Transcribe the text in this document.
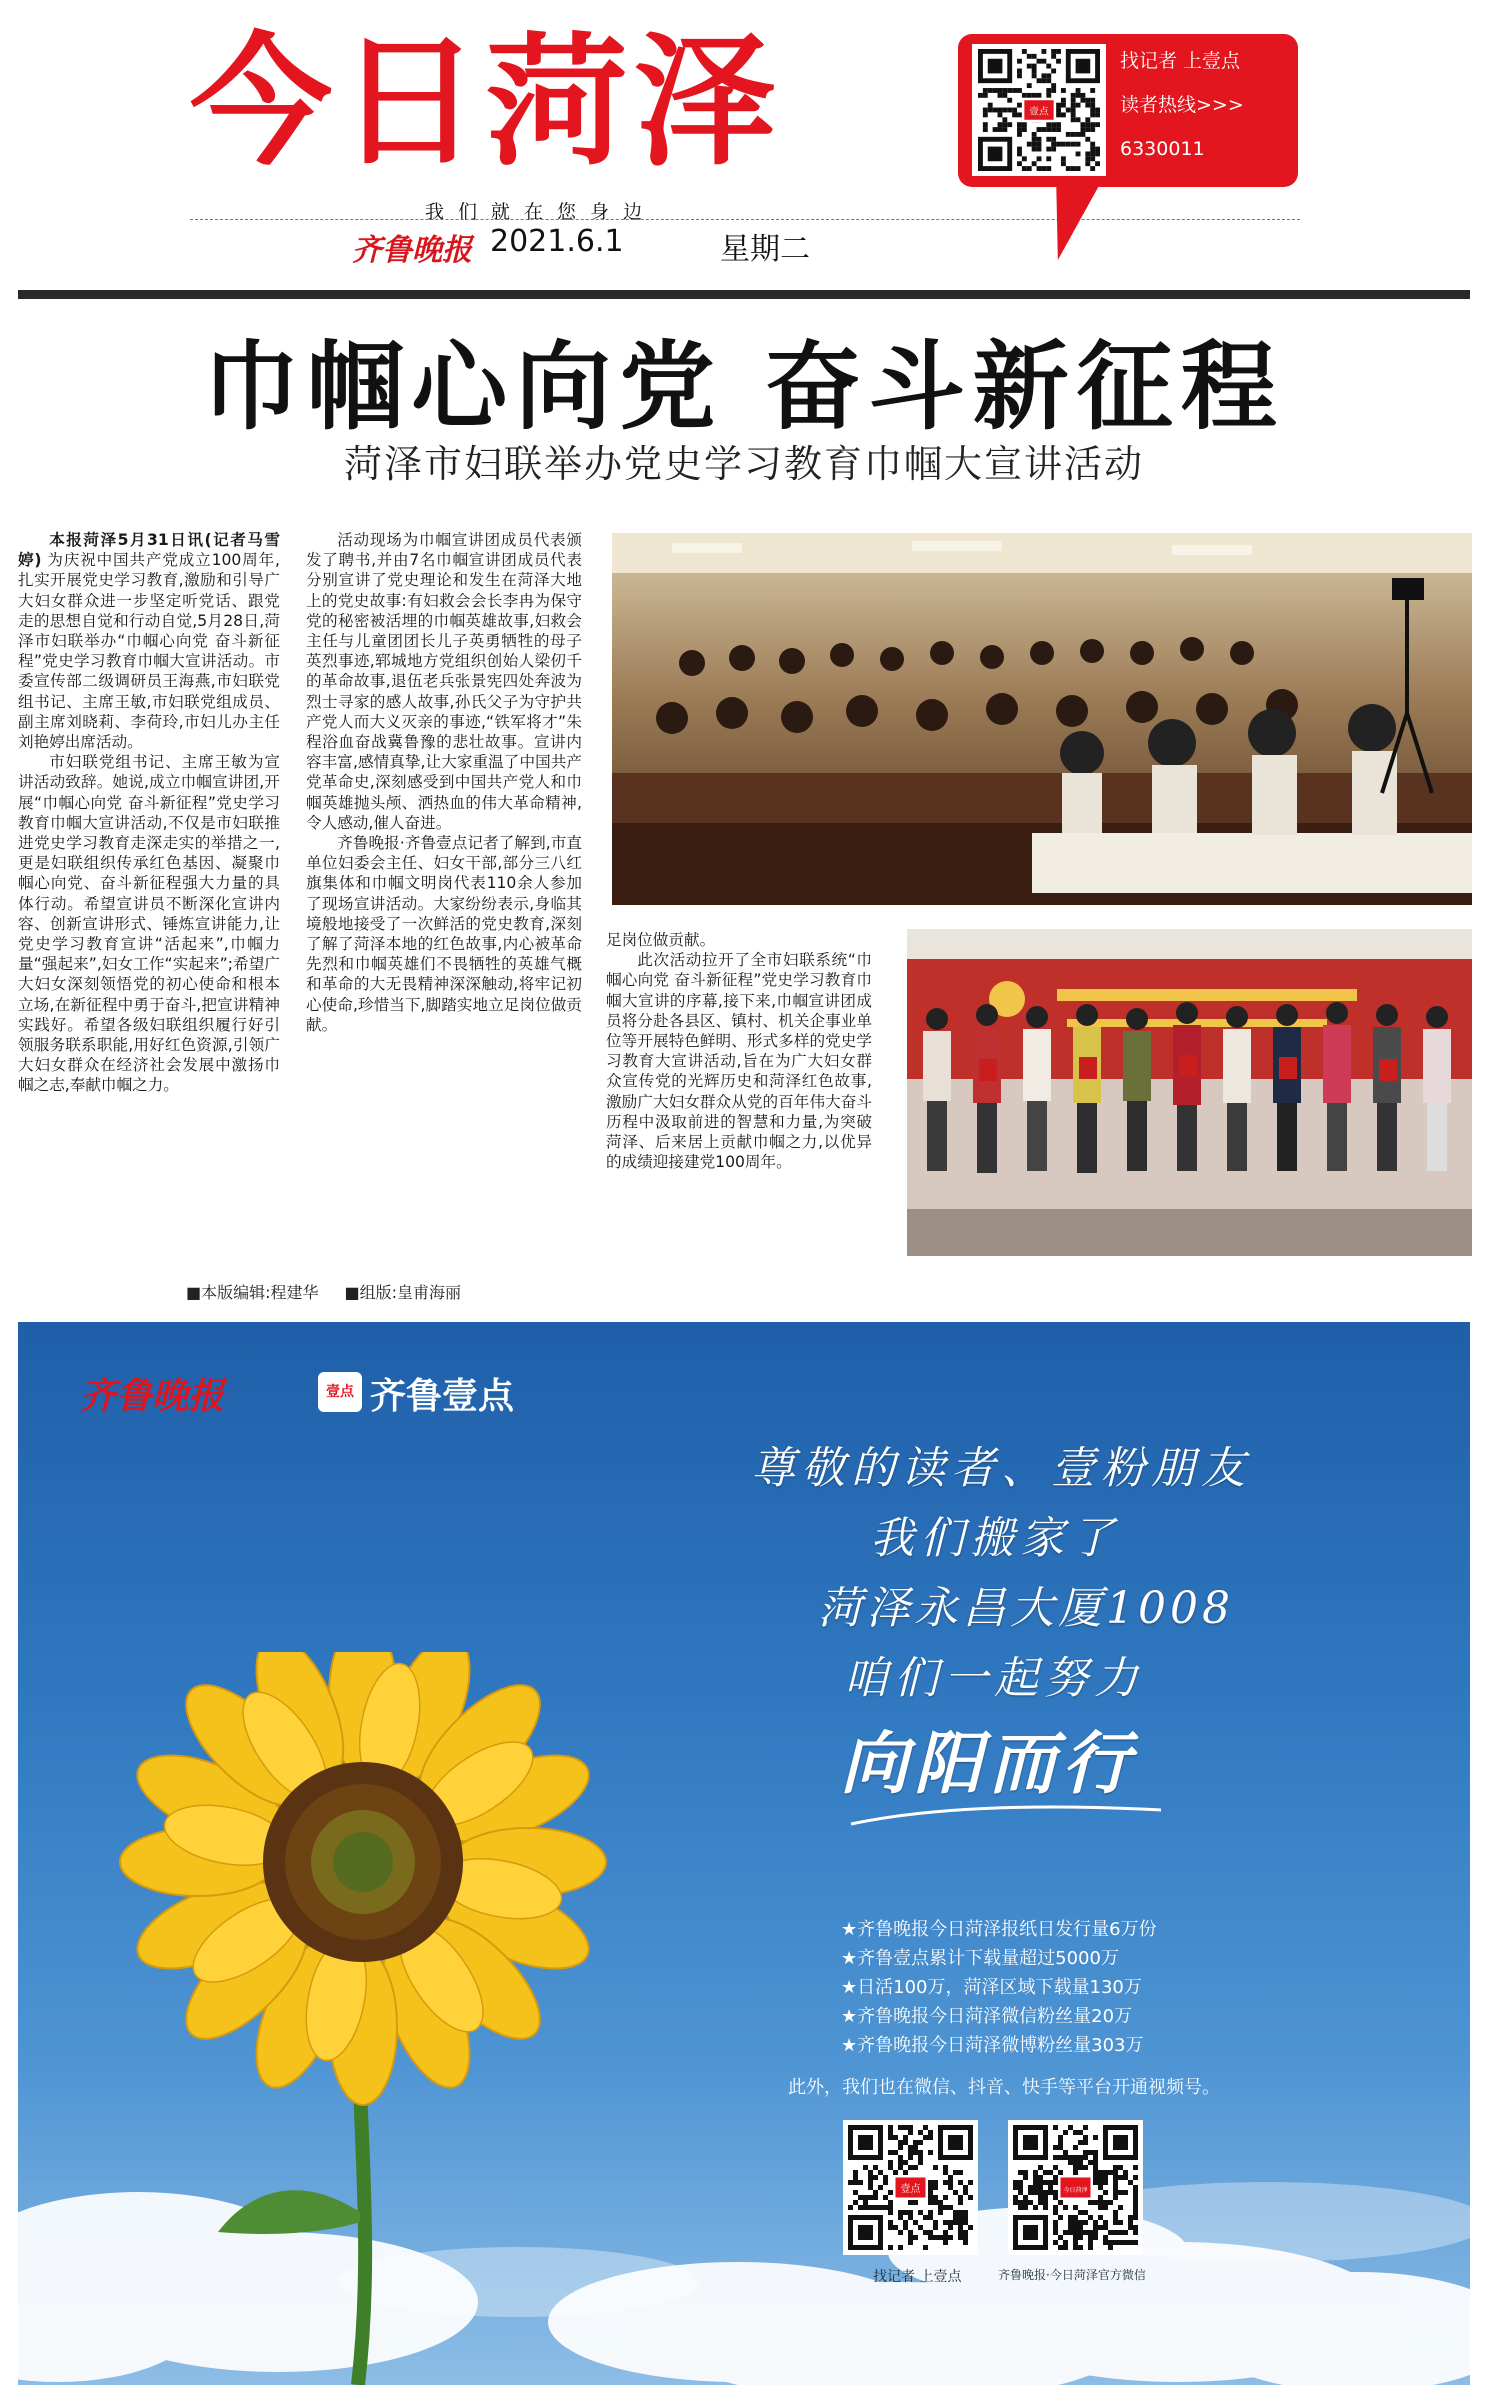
今日菏泽
我们就在您身边
齐鲁晚报 2021.6.1	星期二
壹点
找记者 上壹点
读者热线>>>
6330011
巾帼心向党 奋斗新征程
菏泽市妇联举办党史学习教育巾帼大宣讲活动

本报菏泽5月31日讯(记者马雪婷) 为庆祝中国共产党成立100周年,扎实开展党史学习教育,激励和引导广大妇女群众进一步坚定听党话、跟党走的思想自觉和行动自觉,5月28日,菏泽市妇联举办“巾帼心向党 奋斗新征程”党史学习教育巾帼大宣讲活动。市委宣传部二级调研员王海燕,市妇联党组书记、主席王敏,市妇联党组成员、副主席刘晓莉、李荷玲,市妇儿办主任刘艳婷出席活动。

市妇联党组书记、主席王敏为宣讲活动致辞。她说,成立巾帼宣讲团,开展“巾帼心向党 奋斗新征程”党史学习教育巾帼大宣讲活动,不仅是市妇联推进党史学习教育走深走实的举措之一,更是妇联组织传承红色基因、凝聚巾帼心向党、奋斗新征程强大力量的具体行动。希望宣讲员不断深化宣讲内容、创新宣讲形式、锤炼宣讲能力,让党史学习教育宣讲“活起来”,巾帼力量“强起来”,妇女工作“实起来”;希望广大妇女深刻领悟党的初心使命和根本立场,在新征程中勇于奋斗,把宣讲精神实践好。希望各级妇联组织履行好引领服务联系职能,用好红色资源,引领广大妇女群众在经济社会发展中激扬巾帼之志,奉献巾帼之力。

活动现场为巾帼宣讲团成员代表颁发了聘书,并由7名巾帼宣讲团成员代表分别宣讲了党史理论和发生在菏泽大地上的党史故事:有妇救会会长李冉为保守党的秘密被活埋的巾帼英雄故事,妇救会主任与儿童团团长儿子英勇牺牲的母子英烈事迹,郓城地方党组织创始人梁仞千的革命故事,退伍老兵张景宪四处奔波为烈士寻家的感人故事,孙氏父子为守护共产党人而大义灭亲的事迹,“铁军将才”朱程浴血奋战冀鲁豫的悲壮故事。宣讲内容丰富,感情真挚,让大家重温了中国共产党革命史,深刻感受到中国共产党人和巾帼英雄抛头颅、洒热血的伟大革命精神,令人感动,催人奋进。

齐鲁晚报·齐鲁壹点记者了解到,市直单位妇委会主任、妇女干部,部分三八红旗集体和巾帼文明岗代表110余人参加了现场宣讲活动。大家纷纷表示,身临其境般地接受了一次鲜活的党史教育,深刻了解了菏泽本地的红色故事,内心被革命先烈和巾帼英雄们不畏牺牲的英雄气概和革命的大无畏精神深深触动,将牢记初心使命,珍惜当下,脚踏实地立足岗位做贡献。

足岗位做贡献。

此次活动拉开了全市妇联系统“巾帼心向党 奋斗新征程”党史学习教育巾帼大宣讲的序幕,接下来,巾帼宣讲团成员将分赴各县区、镇村、机关企事业单位等开展特色鲜明、形式多样的党史学习教育大宣讲活动,旨在为广大妇女群众宣传党的光辉历史和菏泽红色故事,激励广大妇女群众从党的百年伟大奋斗历程中汲取前进的智慧和力量,为突破菏泽、后来居上贡献巾帼之力,以优异的成绩迎接建党100周年。

■本版编辑:程建华 ■组版:皇甫海丽
齐鲁晚报	壹点 齐鲁壹点
尊敬的读者、壹粉朋友
我们搬家了
菏泽永昌大厦1008
咱们一起努力
向阳而行
★齐鲁晚报今日菏泽报纸日发行量6万份
★齐鲁壹点累计下载量超过5000万
★日活100万，菏泽区域下载量130万
★齐鲁晚报今日菏泽微信粉丝量20万
★齐鲁晚报今日菏泽微博粉丝量303万
此外，我们也在微信、抖音、快手等平台开通视频号。
壹点	今日菏泽
找记者 上壹点	齐鲁晚报·今日菏泽官方微信
